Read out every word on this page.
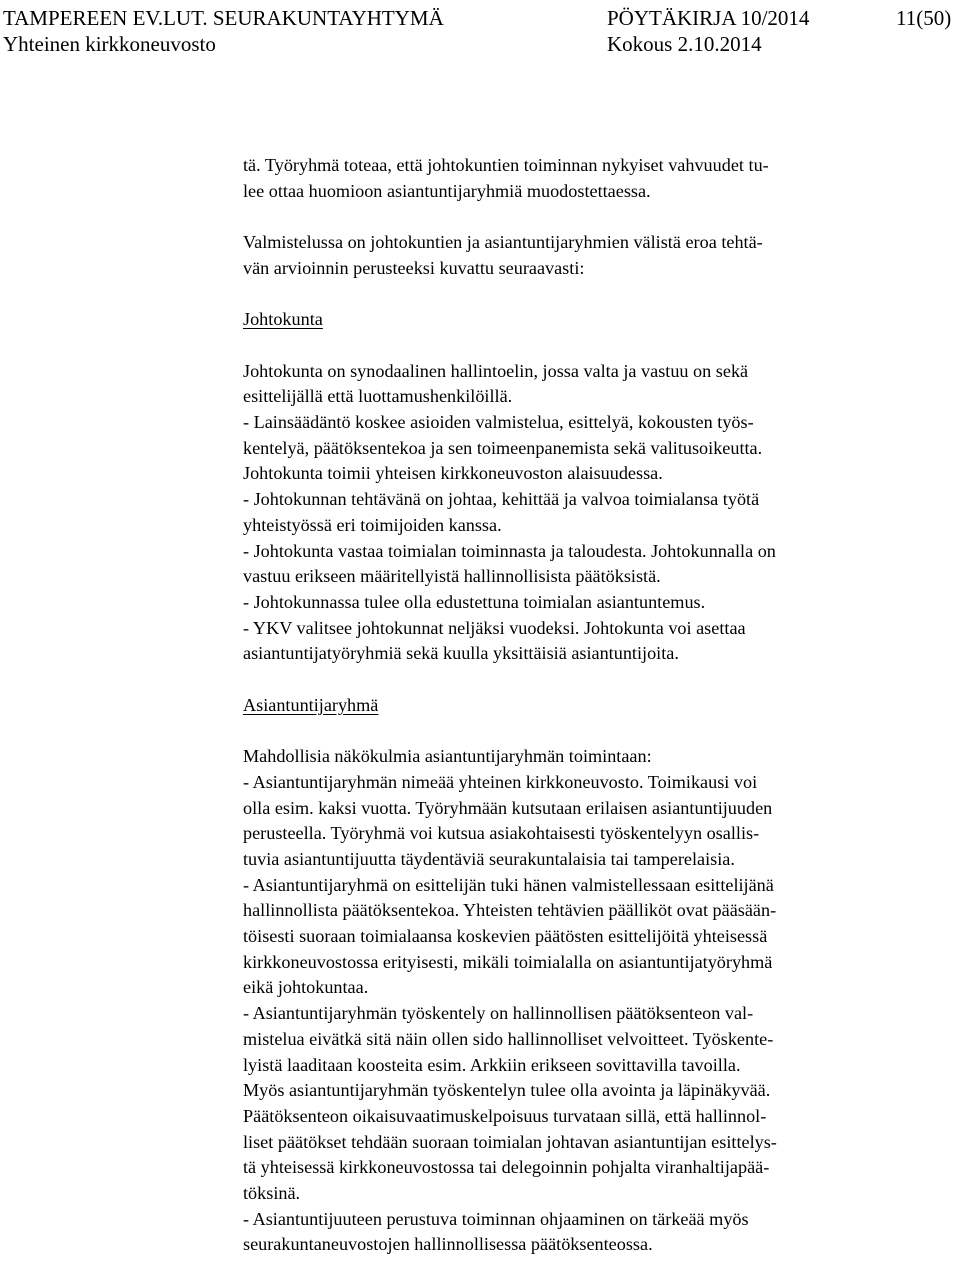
TAMPEREEN EV.LUT. SEURAKUNTAYHTYMÄ	PÖYTÄKIRJA 10/2014	11(50)
Yhteinen kirkkoneuvosto	Kokous 2.10.2014

tä. Työryhmä toteaa, että johtokuntien toiminnan nykyiset vahvuudet tu-
lee ottaa huomioon asiantuntijaryhmiä muodostettaessa.

Valmistelussa on johtokuntien ja asiantuntijaryhmien välistä eroa tehtä-
vän arvioinnin perusteeksi kuvattu seuraavasti:

Johtokunta

Johtokunta on synodaalinen hallintoelin, jossa valta ja vastuu on sekä
esittelijällä että luottamushenkilöillä.
- Lainsäädäntö koskee asioiden valmistelua, esittelyä, kokousten työs-
kentelyä, päätöksentekoa ja sen toimeenpanemista sekä valitusoikeutta.
Johtokunta toimii yhteisen kirkkoneuvoston alaisuudessa.
- Johtokunnan tehtävänä on johtaa, kehittää ja valvoa toimialansa työtä
yhteistyössä eri toimijoiden kanssa.
- Johtokunta vastaa toimialan toiminnasta ja taloudesta. Johtokunnalla on
vastuu erikseen määritellyistä hallinnollisista päätöksistä.
- Johtokunnassa tulee olla edustettuna toimialan asiantuntemus.
- YKV valitsee johtokunnat neljäksi vuodeksi. Johtokunta voi asettaa
asiantuntijatyöryhmiä sekä kuulla yksittäisiä asiantuntijoita.

Asiantuntijaryhmä

Mahdollisia näkökulmia asiantuntijaryhmän toimintaan:
- Asiantuntijaryhmän nimeää yhteinen kirkkoneuvosto. Toimikausi voi
olla esim. kaksi vuotta. Työryhmään kutsutaan erilaisen asiantuntijuuden
perusteella. Työryhmä voi kutsua asiakohtaisesti työskentelyyn osallis-
tuvia asiantuntijuutta täydentäviä seurakuntalaisia tai tamperelaisia.
- Asiantuntijaryhmä on esittelijän tuki hänen valmistellessaan esittelijänä
hallinnollista päätöksentekoa. Yhteisten tehtävien päälliköt ovat pääsään-
töisesti suoraan toimialaansa koskevien päätösten esittelijöitä yhteisessä
kirkkoneuvostossa erityisesti, mikäli toimialalla on asiantuntijatyöryhmä
eikä johtokuntaa.
- Asiantuntijaryhmän työskentely on hallinnollisen päätöksenteon val-
mistelua eivätkä sitä näin ollen sido hallinnolliset velvoitteet. Työskente-
lyistä laaditaan koosteita esim. Arkkiin erikseen sovittavilla tavoilla.
Myös asiantuntijaryhmän työskentelyn tulee olla avointa ja läpinäkyvää.
Päätöksenteon oikaisuvaatimuskelpoisuus turvataan sillä, että hallinnol-
liset päätökset tehdään suoraan toimialan johtavan asiantuntijan esittelys-
tä yhteisessä kirkkoneuvostossa tai delegoinnin pohjalta viranhaltijapää-
töksinä.
- Asiantuntijuuteen perustuva toiminnan ohjaaminen on tärkeää myös
seurakuntaneuvostojen hallinnollisessa päätöksenteossa.
